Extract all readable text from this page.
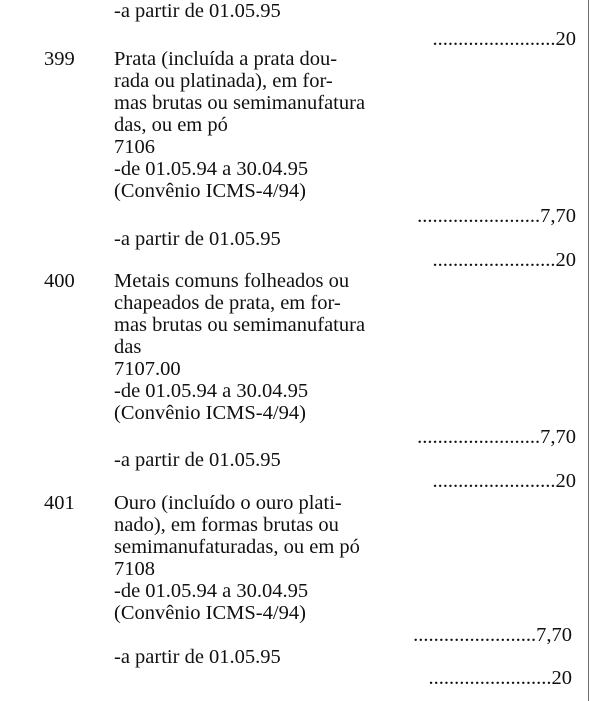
-a partir de 01.05.95
........................20
399 Prata (incluída a prata dou-
rada ou platinada), em for-
mas brutas ou semimanufatura
das, ou em pó
7106
-de 01.05.94 a 30.04.95
(Convênio ICMS-4/94)
........................7,70
-a partir de 01.05.95
........................20
400 Metais comuns folheados ou
chapeados de prata, em for-
mas brutas ou semimanufatura
das
7107.00
-de 01.05.94 a 30.04.95
(Convênio ICMS-4/94)
........................7,70
-a partir de 01.05.95
........................20
401 Ouro (incluído o ouro plati-
nado), em formas brutas ou
semimanufaturadas, ou em pó
7108
-de 01.05.94 a 30.04.95
(Convênio ICMS-4/94)
........................7,70
-a partir de 01.05.95
........................20
